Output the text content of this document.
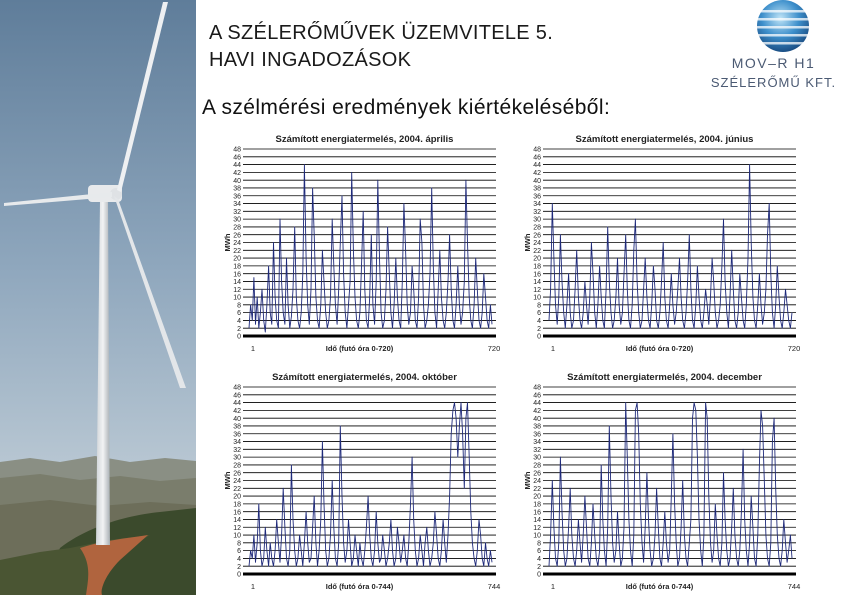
A SZÉLERŐMŰVEK ÜZEMVITELE 5.
HAVI INGADOZÁSOK
A szélmérési eredmények kiértékeléséből:
MOV–R H1
SZÉLERŐMŰ KFT.
Számított energiatermelés, 2004. április
0
2
4
6
8
10
12
14
16
18
20
22
24
26
28
30
32
34
36
38
40
42
44
46
48
MWh
1	Idő (futó óra 0-720)	720
Számított energiatermelés, 2004. június
0
2
4
6
8
10
12
14
16
18
20
22
24
26
28
30
32
34
36
38
40
42
44
46
48
MWh
1	Idő (futó óra 0-720)	720
Számított energiatermelés, 2004. október
0
2
4
6
8
10
12
14
16
18
20
22
24
26
28
30
32
34
36
38
40
42
44
46
48
MWh
1	Idő (futó óra 0-744)	744
Számított energiatermelés, 2004. december
0
2
4
6
8
10
12
14
16
18
20
22
24
26
28
30
32
34
36
38
40
42
44
46
48
MWh
1	Idő (futó óra 0-744)	744
